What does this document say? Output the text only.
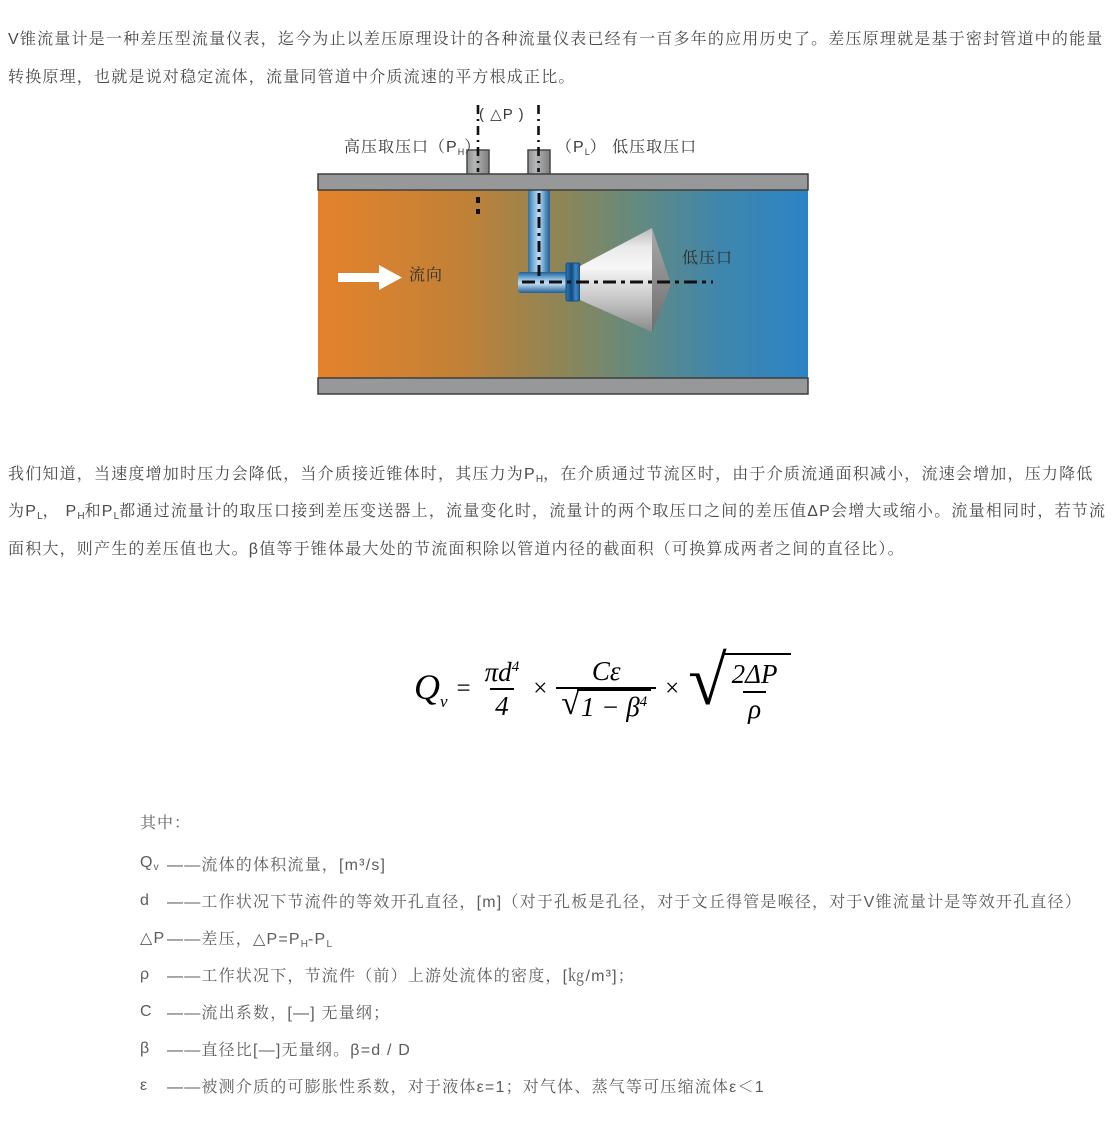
V锥流量计是一种差压型流量仪表，迄今为止以差压原理设计的各种流量仪表已经有一百多年的应用历史了。差压原理就是基于密封管道中的能量
转换原理，也就是说对稳定流体，流量同管道中介质流速的平方根成正比。
( △P )
高压取压口$(P_H)$	$(P_L)$ 低压取压口
流向
低压口
我们知道，当速度增加时压力会降低，当介质接近锥体时，其压力为$P_H$，在介质通过节流区时，由于介质流通面积减小，流速会增加，压力降低
为$P_L$， $P_H$和$P_L$都通过流量计的取压口接到差压变送器上，流量变化时，流量计的两个取压口之间的差压值ΔP会增大或缩小。流量相同时，若节流
面积大，则产生的差压值也大。β值等于锥体最大处的节流面积除以管道内径的截面积（可换算成两者之间的直径比）。
$Q_v = \frac{\pi d^4}{4} \times \frac{C\varepsilon}{√ 1 - \beta^4}$ × √ $\frac{2\Delta P}{\rho}$
其中：
$Q_v$ ——流体的体积流量，[m³/s]
d	——工作状况下节流件的等效开孔直径，[m]（对于孔板是孔径，对于文丘得管是喉径，对于V锥流量计是等效开孔直径）
△P ——差压，$\triangle P=P_H-P_L$
ρ	——工作状况下，节流件（前）上游处流体的密度，[㎏/m³]；
C ——流出系数，[—] 无量纲；
β	——直径比[—]无量纲。β=d / D
ε	——被测介质的可膨胀性系数，对于液体ε=1；对气体、蒸气等可压缩流体ε＜1
